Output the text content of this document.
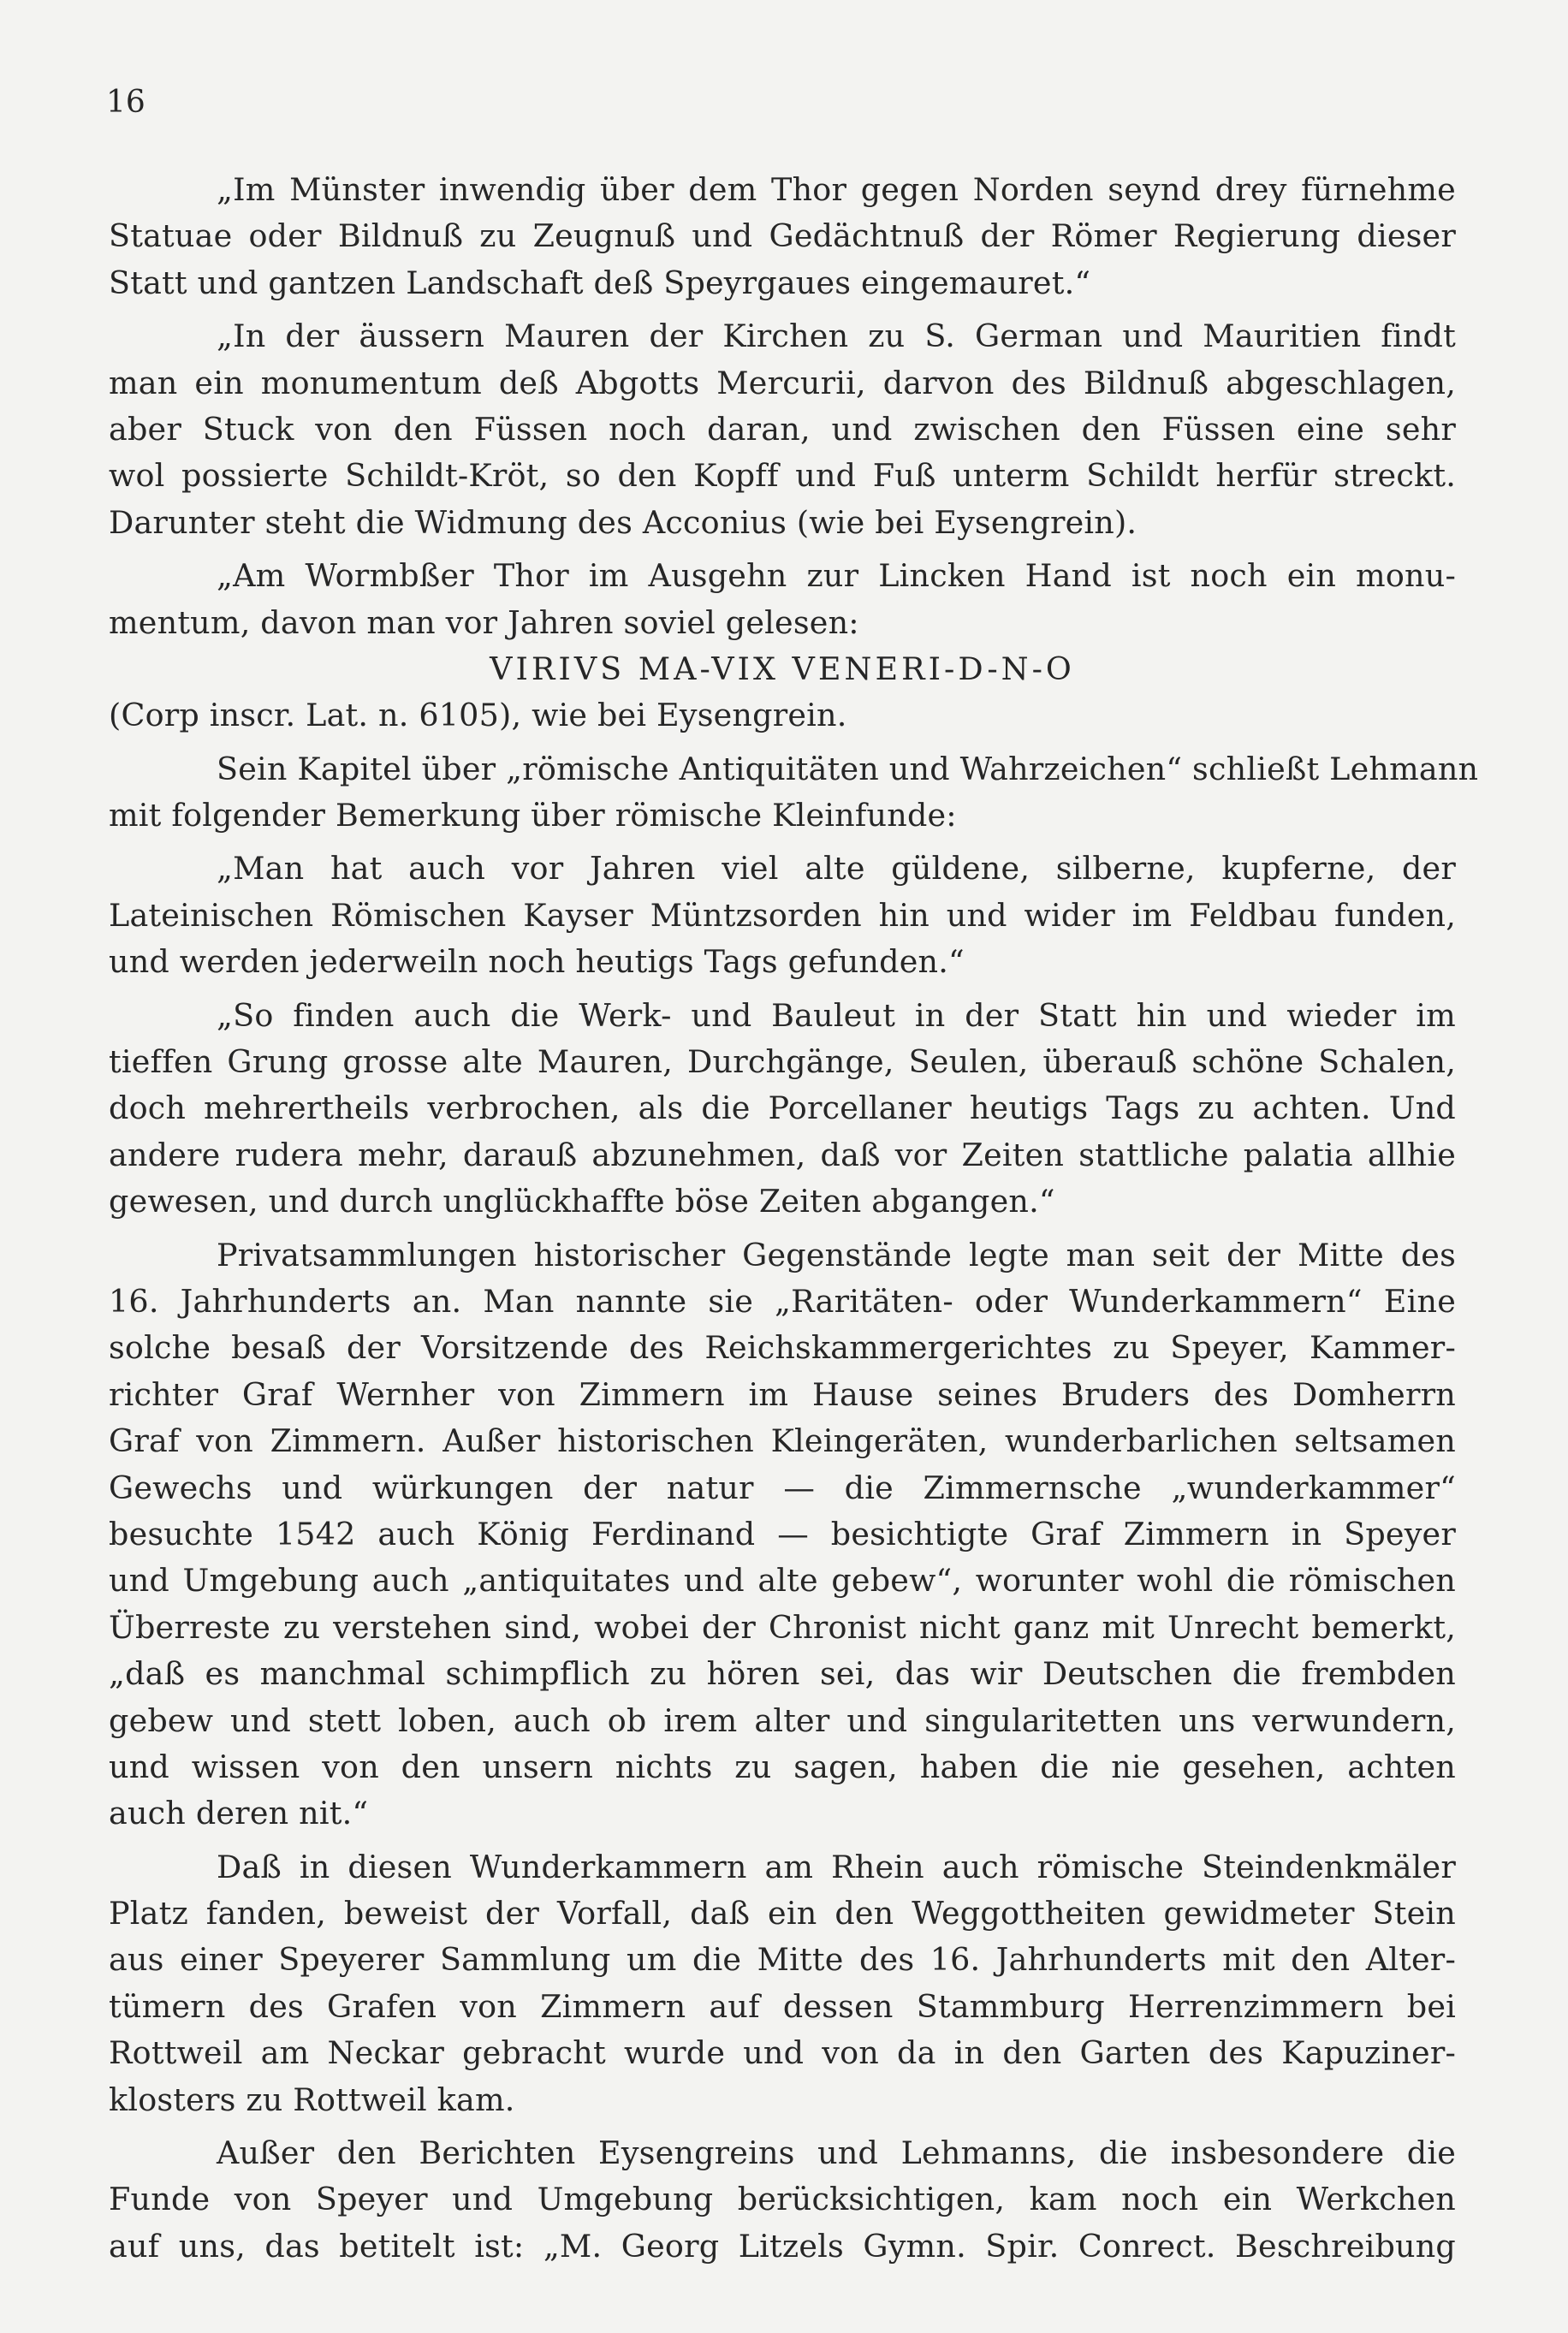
16
„Im Münster inwendig über dem Thor gegen Norden seynd drey fürnehme
Statuae oder Bildnuß zu Zeugnuß und Gedächtnuß der Römer Regierung dieser
Statt und gantzen Landschaft deß Speyrgaues eingemauret.“
„In der äussern Mauren der Kirchen zu S. German und Mauritien findt
man ein monumentum deß Abgotts Mercurii, darvon des Bildnuß abgeschlagen,
aber Stuck von den Füssen noch daran, und zwischen den Füssen eine sehr
wol possierte Schildt-Kröt, so den Kopff und Fuß unterm Schildt herfür streckt.
Darunter steht die Widmung des Acconius (wie bei Eysengrein).
„Am Wormbßer Thor im Ausgehn zur Lincken Hand ist noch ein monu-
mentum, davon man vor Jahren soviel gelesen:
VIRIVS MA-VIX VENERI-D-N-O
(Corp inscr. Lat. n. 6105), wie bei Eysengrein.
Sein Kapitel über „römische Antiquitäten und Wahrzeichen“ schließt Lehmann
mit folgender Bemerkung über römische Kleinfunde:
„Man hat auch vor Jahren viel alte güldene, silberne, kupferne, der
Lateinischen Römischen Kayser Müntzsorden hin und wider im Feldbau funden,
und werden jederweiln noch heutigs Tags gefunden.“
„So finden auch die Werk- und Bauleut in der Statt hin und wieder im
tieffen Grung grosse alte Mauren, Durchgänge, Seulen, überauß schöne Schalen,
doch mehrertheils verbrochen, als die Porcellaner heutigs Tags zu achten. Und
andere rudera mehr, darauß abzunehmen, daß vor Zeiten stattliche palatia allhie
gewesen, und durch unglückhaffte böse Zeiten abgangen.“
Privatsammlungen historischer Gegenstände legte man seit der Mitte des
16. Jahrhunderts an. Man nannte sie „Raritäten- oder Wunderkammern“ Eine
solche besaß der Vorsitzende des Reichskammergerichtes zu Speyer, Kammer-
richter Graf Wernher von Zimmern im Hause seines Bruders des Domherrn
Graf von Zimmern. Außer historischen Kleingeräten, wunderbarlichen seltsamen
Gewechs und würkungen der natur — die Zimmernsche „wunderkammer“
besuchte 1542 auch König Ferdinand — besichtigte Graf Zimmern in Speyer
und Umgebung auch „antiquitates und alte gebew“, worunter wohl die römischen
Überreste zu verstehen sind, wobei der Chronist nicht ganz mit Unrecht bemerkt,
„daß es manchmal schimpflich zu hören sei, das wir Deutschen die frembden
gebew und stett loben, auch ob irem alter und singularitetten uns verwundern,
und wissen von den unsern nichts zu sagen, haben die nie gesehen, achten
auch deren nit.“
Daß in diesen Wunderkammern am Rhein auch römische Steindenkmäler
Platz fanden, beweist der Vorfall, daß ein den Weggottheiten gewidmeter Stein
aus einer Speyerer Sammlung um die Mitte des 16. Jahrhunderts mit den Alter-
tümern des Grafen von Zimmern auf dessen Stammburg Herrenzimmern bei
Rottweil am Neckar gebracht wurde und von da in den Garten des Kapuziner-
klosters zu Rottweil kam.
Außer den Berichten Eysengreins und Lehmanns, die insbesondere die
Funde von Speyer und Umgebung berücksichtigen, kam noch ein Werkchen
auf uns, das betitelt ist: „M. Georg Litzels Gymn. Spir. Conrect. Beschreibung
